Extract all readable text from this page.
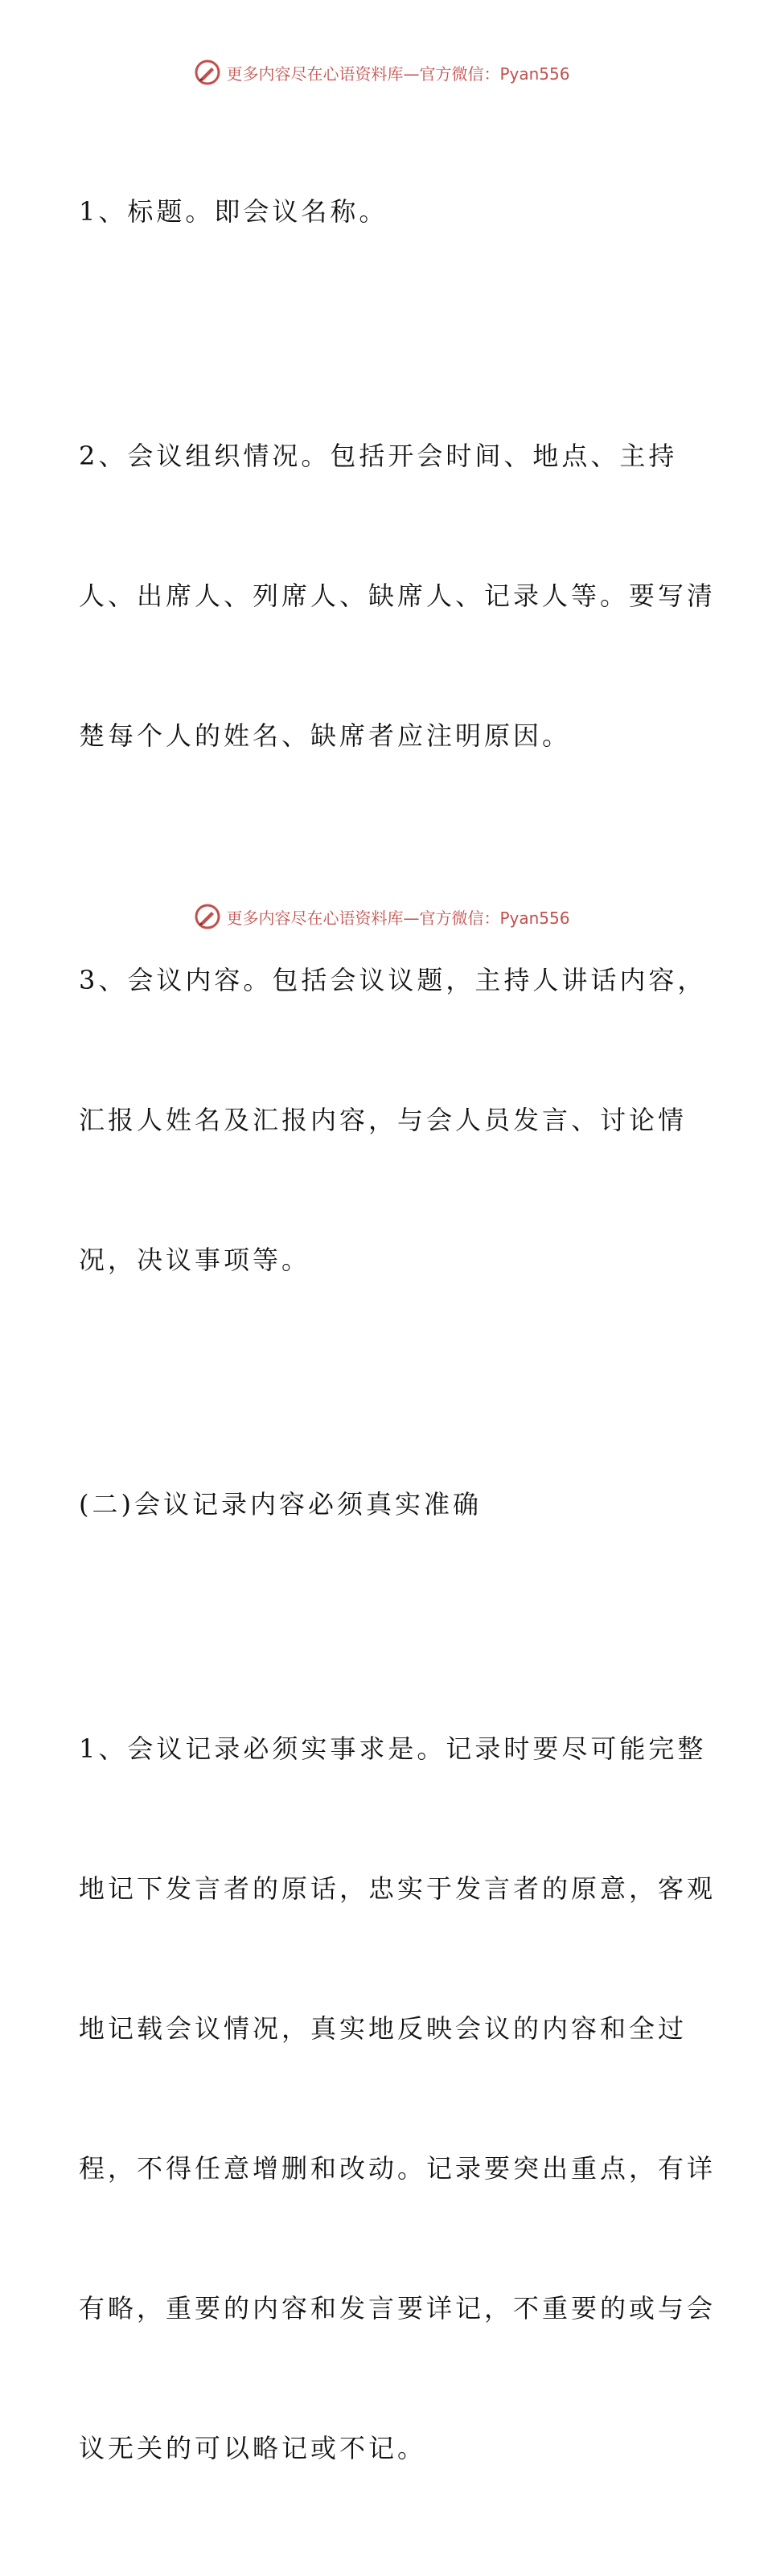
更多内容尽在心语资料库—官方微信：Pyan556

1、标题。即会议名称。

2、会议组织情况。包括开会时间、地点、主持

人、出席人、列席人、缺席人、记录人等。要写清

楚每个人的姓名、缺席者应注明原因。

3、会议内容。包括会议议题，主持人讲话内容，

汇报人姓名及汇报内容，与会人员发言、讨论情

况，决议事项等。

(二)会议记录内容必须真实准确

1、会议记录必须实事求是。记录时要尽可能完整

地记下发言者的原话，忠实于发言者的原意，客观

地记载会议情况，真实地反映会议的内容和全过

程，不得任意增删和改动。记录要突出重点，有详

有略，重要的内容和发言要详记，不重要的或与会

议无关的可以略记或不记。

更多内容尽在心语资料库—官方微信：Pyan556
